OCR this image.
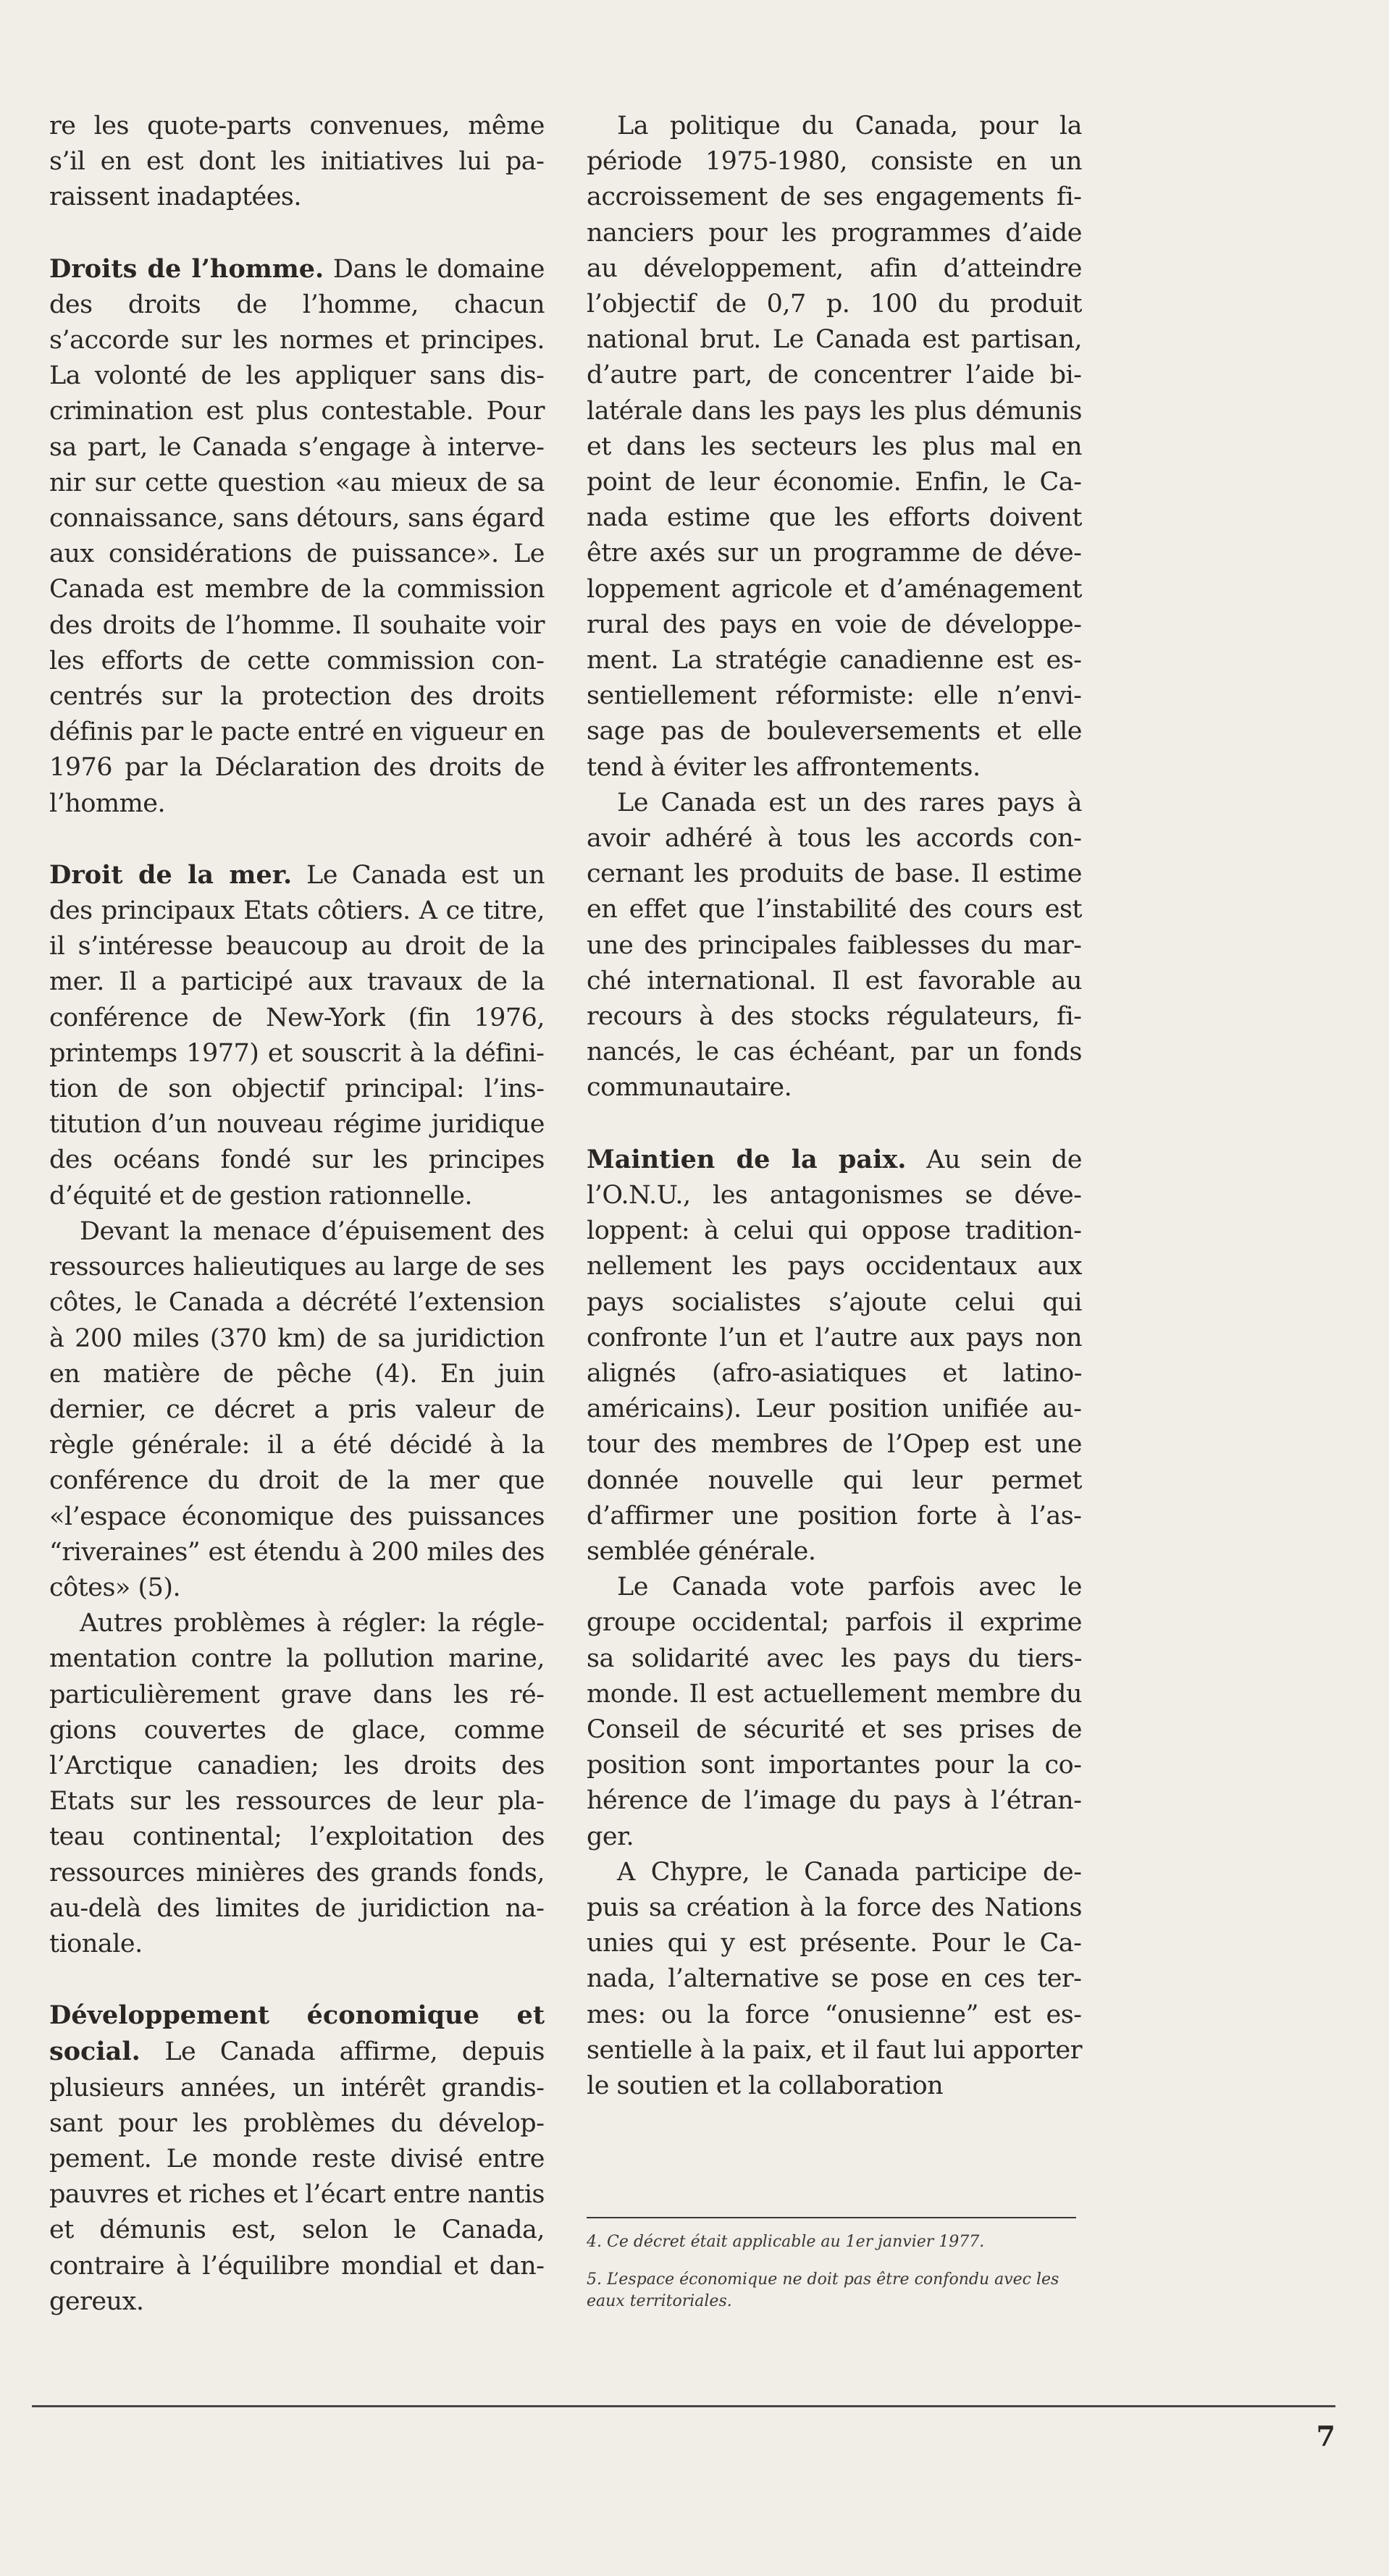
re les quote-parts convenues, même s’il en est dont les initiatives lui paraissent inadaptées.

Droits de l’homme. Dans le domaine des droits de l’homme, chacun s’accorde sur les normes et principes. La volonté de les appliquer sans discrimination est plus contestable. Pour sa part, le Canada s’engage à intervenir sur cette question «au mieux de sa connaissance, sans détours, sans égard aux considérations de puissance». Le Canada est membre de la commission des droits de l’homme. Il souhaite voir les efforts de cette commission concentrés sur la protection des droits définis par le pacte entré en vigueur en 1976 par la Déclaration des droits de l’homme.

Droit de la mer. Le Canada est un des principaux Etats côtiers. A ce titre, il s’intéresse beaucoup au droit de la mer. Il a participé aux travaux de la conférence de New-York (fin 1976, printemps 1977) et souscrit à la définition de son objectif principal: l’institution d’un nouveau régime juridique des océans fondé sur les principes d’équité et de gestion rationnelle.

Devant la menace d’épuisement des ressources halieutiques au large de ses côtes, le Canada a décrété l’extension à 200 miles (370 km) de sa juridiction en matière de pêche (4). En juin dernier, ce décret a pris valeur de règle générale: il a été décidé à la conférence du droit de la mer que «l’espace économique des puissances “riveraines” est étendu à 200 miles des côtes» (5).

Autres problèmes à régler: la réglementation contre la pollution marine, particulièrement grave dans les régions couvertes de glace, comme l’Arctique canadien; les droits des Etats sur les ressources de leur plateau continental; l’exploitation des ressources minières des grands fonds, au-delà des limites de juridiction nationale.

Développement économique et social. Le Canada affirme, depuis plusieurs années, un intérêt grandissant pour les problèmes du développement. Le monde reste divisé entre pauvres et riches et l’écart entre nantis et démunis est, selon le Canada, contraire à l’équilibre mondial et dangereux.

La politique du Canada, pour la période 1975-1980, consiste en un accroissement de ses engagements financiers pour les programmes d’aide au développement, afin d’atteindre l’objectif de 0,7 p. 100 du produit national brut. Le Canada est partisan, d’autre part, de concentrer l’aide bilatérale dans les pays les plus démunis et dans les secteurs les plus mal en point de leur économie. Enfin, le Canada estime que les efforts doivent être axés sur un programme de développement agricole et d’aménagement rural des pays en voie de développement. La stratégie canadienne est essentiellement réformiste: elle n’envisage pas de bouleversements et elle tend à éviter les affrontements.

Le Canada est un des rares pays à avoir adhéré à tous les accords concernant les produits de base. Il estime en effet que l’instabilité des cours est une des principales faiblesses du marché international. Il est favorable au recours à des stocks régulateurs, financés, le cas échéant, par un fonds communautaire.

Maintien de la paix. Au sein de l’O.N.U., les antagonismes se développent: à celui qui oppose traditionnellement les pays occidentaux aux pays socialistes s’ajoute celui qui confronte l’un et l’autre aux pays non alignés (afro-asiatiques et latino-américains). Leur position unifiée autour des membres de l’Opep est une donnée nouvelle qui leur permet d’affirmer une position forte à l’assemblée générale.

Le Canada vote parfois avec le groupe occidental; parfois il exprime sa solidarité avec les pays du tiers-monde. Il est actuellement membre du Conseil de sécurité et ses prises de position sont importantes pour la cohérence de l’image du pays à l’étranger.

A Chypre, le Canada participe depuis sa création à la force des Nations unies qui y est présente. Pour le Canada, l’alternative se pose en ces termes: ou la force “onusienne” est essentielle à la paix, et il faut lui apporter le soutien et la collaboration

4. Ce décret était applicable au 1er janvier 1977.

5. L’espace économique ne doit pas être confondu avec les eaux territoriales.

7
